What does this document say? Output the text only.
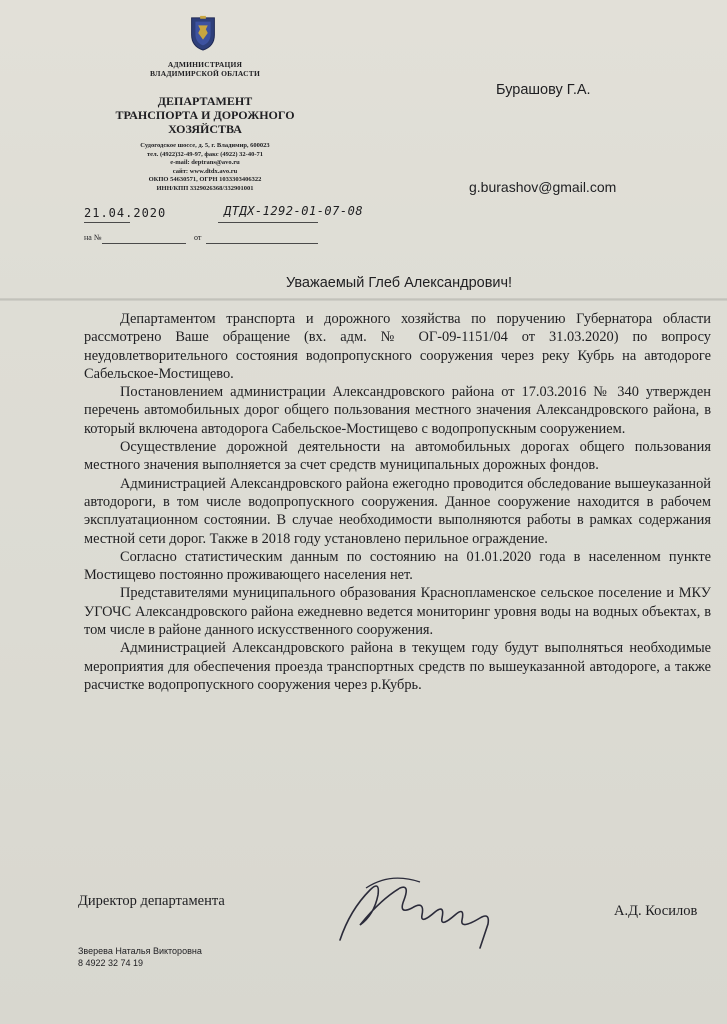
АДМИНИСТРАЦИЯ
ВЛАДИМИРСКОЙ ОБЛАСТИ
ДЕПАРТАМЕНТ
ТРАНСПОРТА И ДОРОЖНОГО
ХОЗЯЙСТВА
Судогодское шоссе, д. 5, г. Владимир, 600023
тел. (4922)32-49-97, факс (4922) 32-40-71
e-mail: deptrans@avo.ru
сайт: www.dtdx.avo.ru
ОКПО 54630571, ОГРН 1033303406322
ИНН/КПП 3329026368/332901001
21.04.2020	ДТДХ-1292-01-07-08
на №	от
Бурашову Г.А.
g.burashov@gmail.com
Уважаемый Глеб Александрович!

Департаментом транспорта и дорожного хозяйства по поручению Губернатора области рассмотрено Ваше обращение (вх. адм. № ОГ-09-1151/04 от 31.03.2020) по вопросу неудовлетворительного состояния водопропускного сооружения через реку Кубрь на автодороге Сабельское-Мостищево.

Постановлением администрации Александровского района от 17.03.2016 № 340 утвержден перечень автомобильных дорог общего пользования местного значения Александровского района, в который включена автодорога Сабельское-Мостищево с водопропускным сооружением.

Осуществление дорожной деятельности на автомобильных дорогах общего пользования местного значения выполняется за счет средств муниципальных дорожных фондов.

Администрацией Александровского района ежегодно проводится обследование вышеуказанной автодороги, в том числе водопропускного сооружения. Данное сооружение находится в рабочем эксплуатационном состоянии. В случае необходимости выполняются работы в рамках содержания местной сети дорог. Также в 2018 году установлено перильное ограждение.

Согласно статистическим данным по состоянию на 01.01.2020 года в населенном пункте Мостищево постоянно проживающего населения нет.

Представителями муниципального образования Краснопламенское сельское поселение и МКУ УГОЧС Александровского района ежедневно ведется мониторинг уровня воды на водных объектах, в том числе в районе данного искусственного сооружения.

Администрацией Александровского района в текущем году будут выполняться необходимые мероприятия для обеспечения проезда транспортных средств по вышеуказанной автодороге, а также расчистке водопропускного сооружения через р.Кубрь.

Директор департамента
А.Д. Косилов
Зверева Наталья Викторовна
8 4922 32 74 19
